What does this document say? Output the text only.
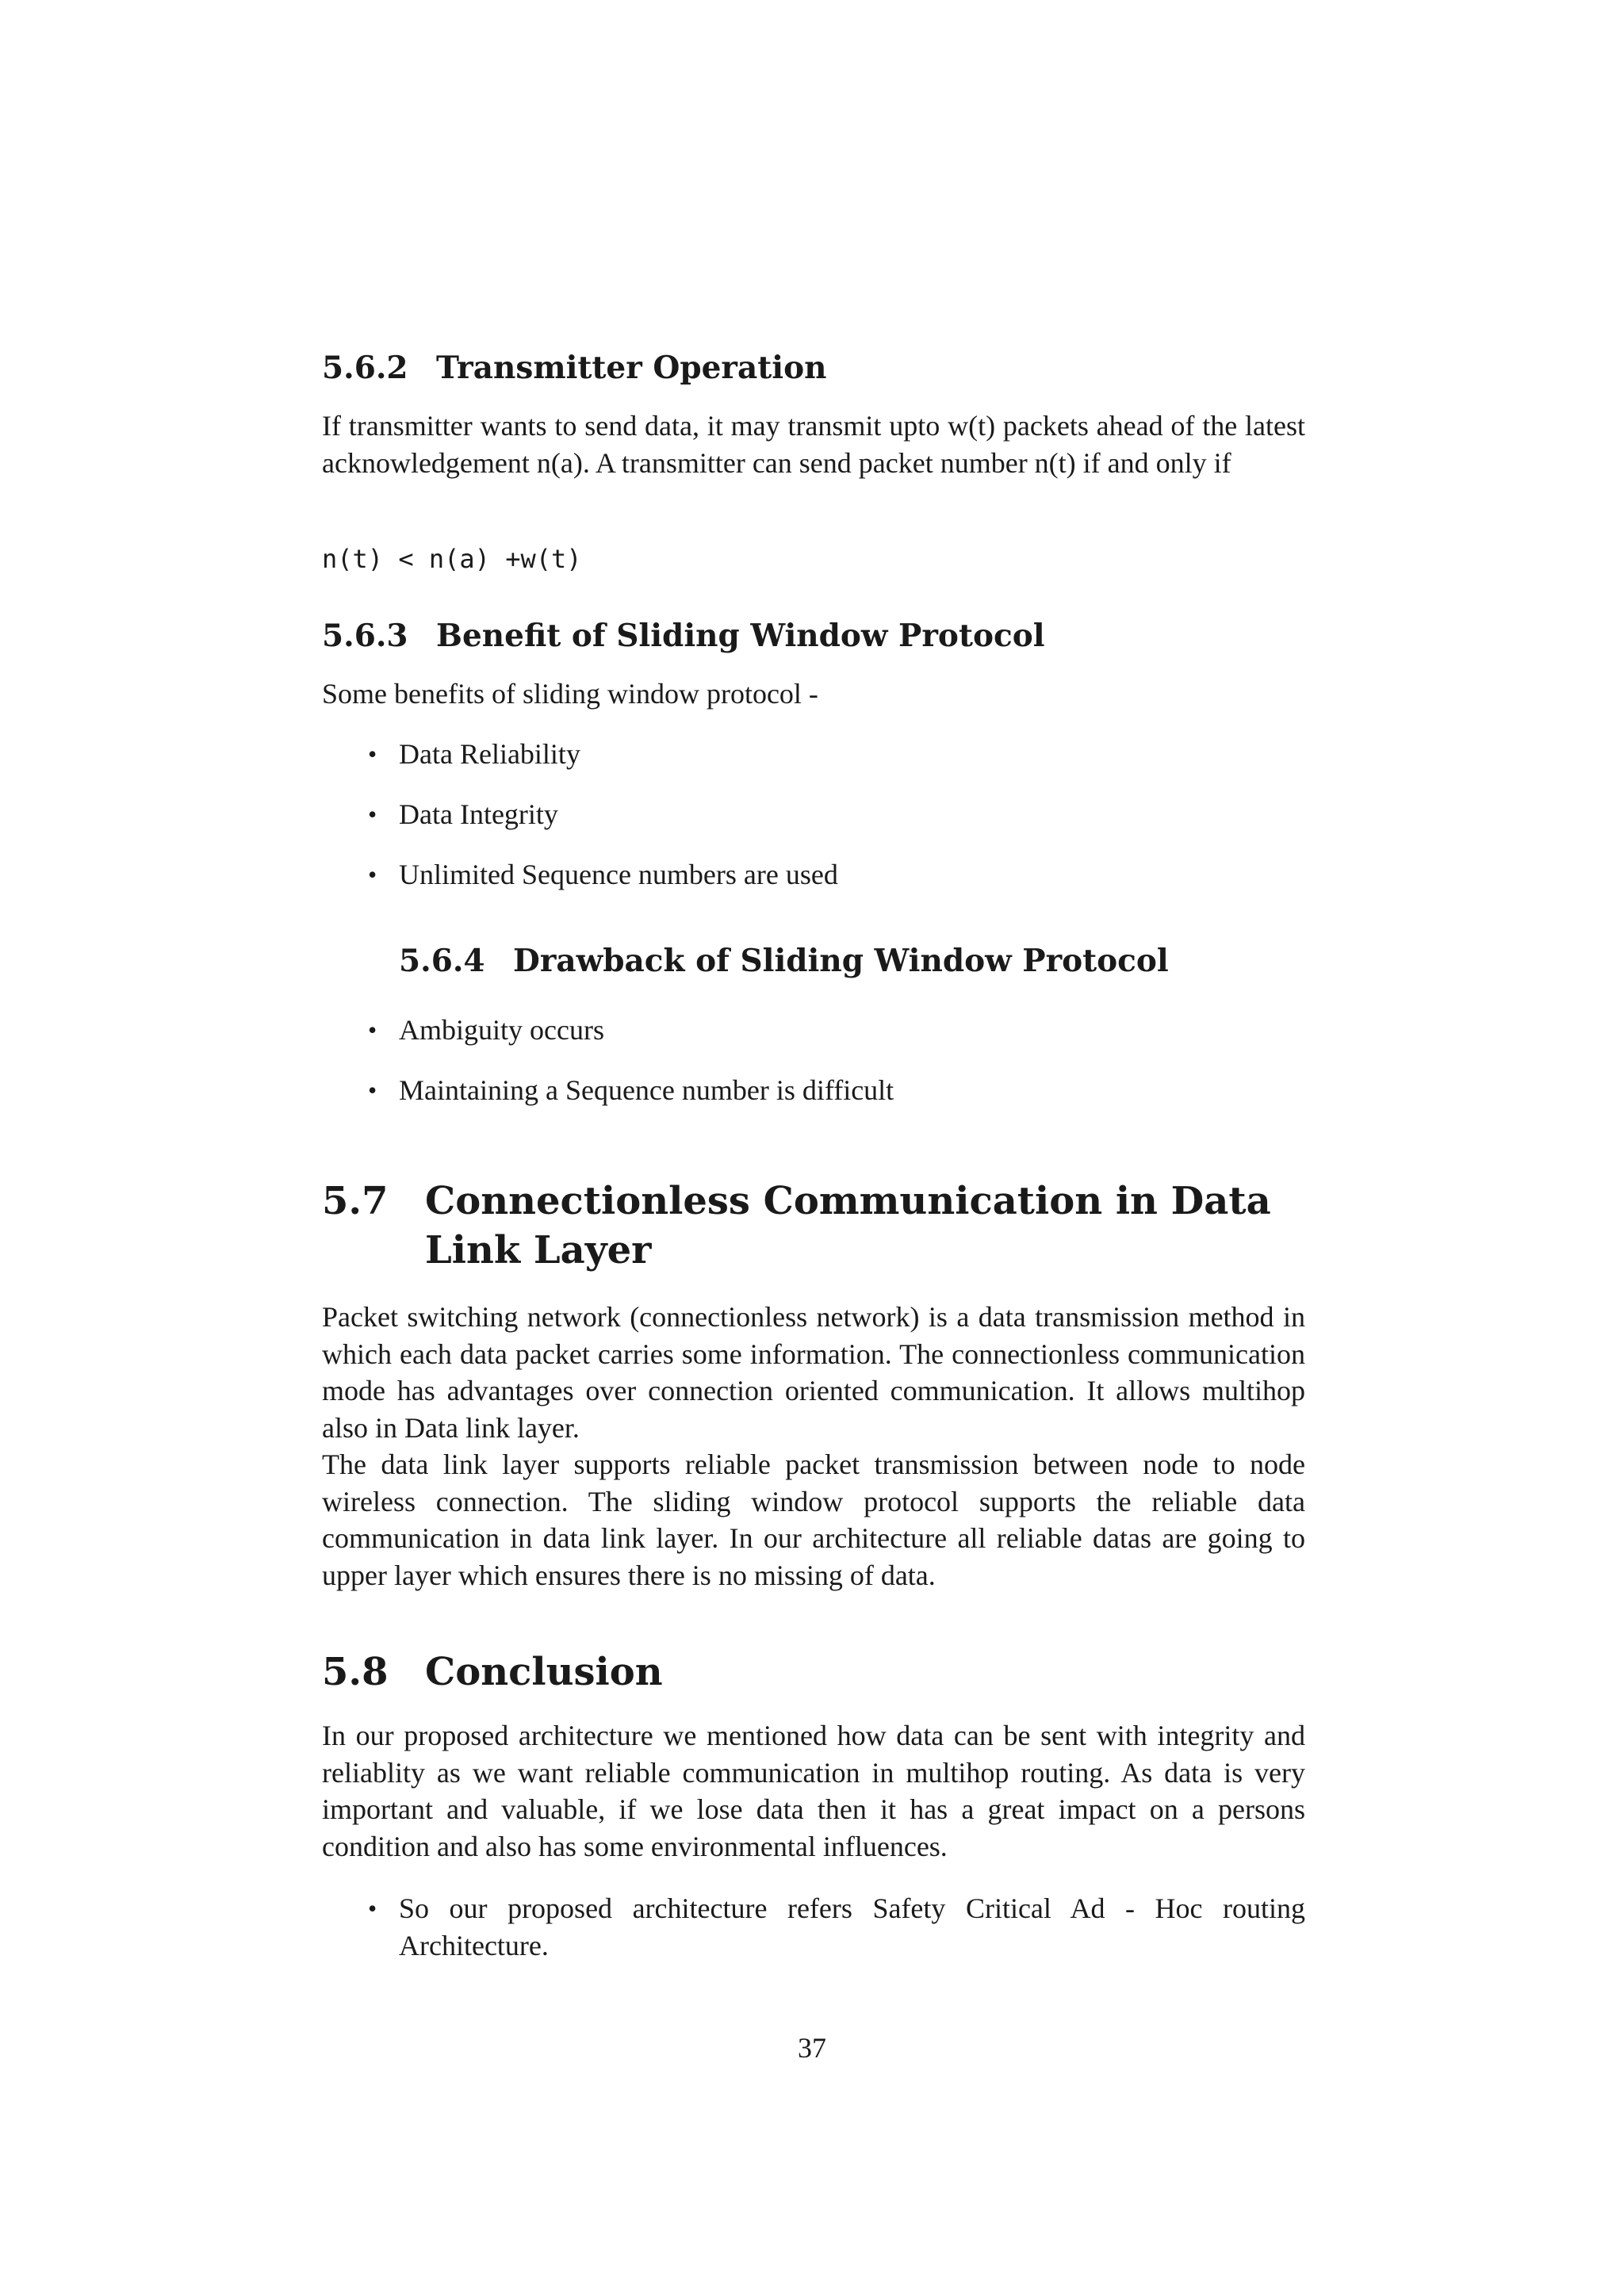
5.6.2 Transmitter Operation

If transmitter wants to send data, it may transmit upto w(t) packets ahead of the latest acknowledgement n(a). A transmitter can send packet number n(t) if and only if

n(t) < n(a) +w(t)
5.6.3 Benefit of Sliding Window Protocol

Some benefits of sliding window protocol -

• Data Reliability
• Data Integrity
• Unlimited Sequence numbers are used
5.6.4 Drawback of Sliding Window Protocol
• Ambiguity occurs
• Maintaining a Sequence number is difficult
5.7 Connectionless Communication in Data Link Layer

Packet switching network (connectionless network) is a data transmission method in which each data packet carries some information. The connectionless communication mode has advantages over connection oriented communication. It allows multihop also in Data link layer.

The data link layer supports reliable packet transmission between node to node wireless connection. The sliding window protocol supports the reliable data communication in data link layer. In our architecture all reliable datas are going to upper layer which ensures there is no missing of data.

5.8 Conclusion

In our proposed architecture we mentioned how data can be sent with integrity and reliablity as we want reliable communication in multihop routing. As data is very important and valuable, if we lose data then it has a great impact on a persons condition and also has some environmental influences.

• So our proposed architecture refers Safety Critical Ad - Hoc routing Architecture.
37
